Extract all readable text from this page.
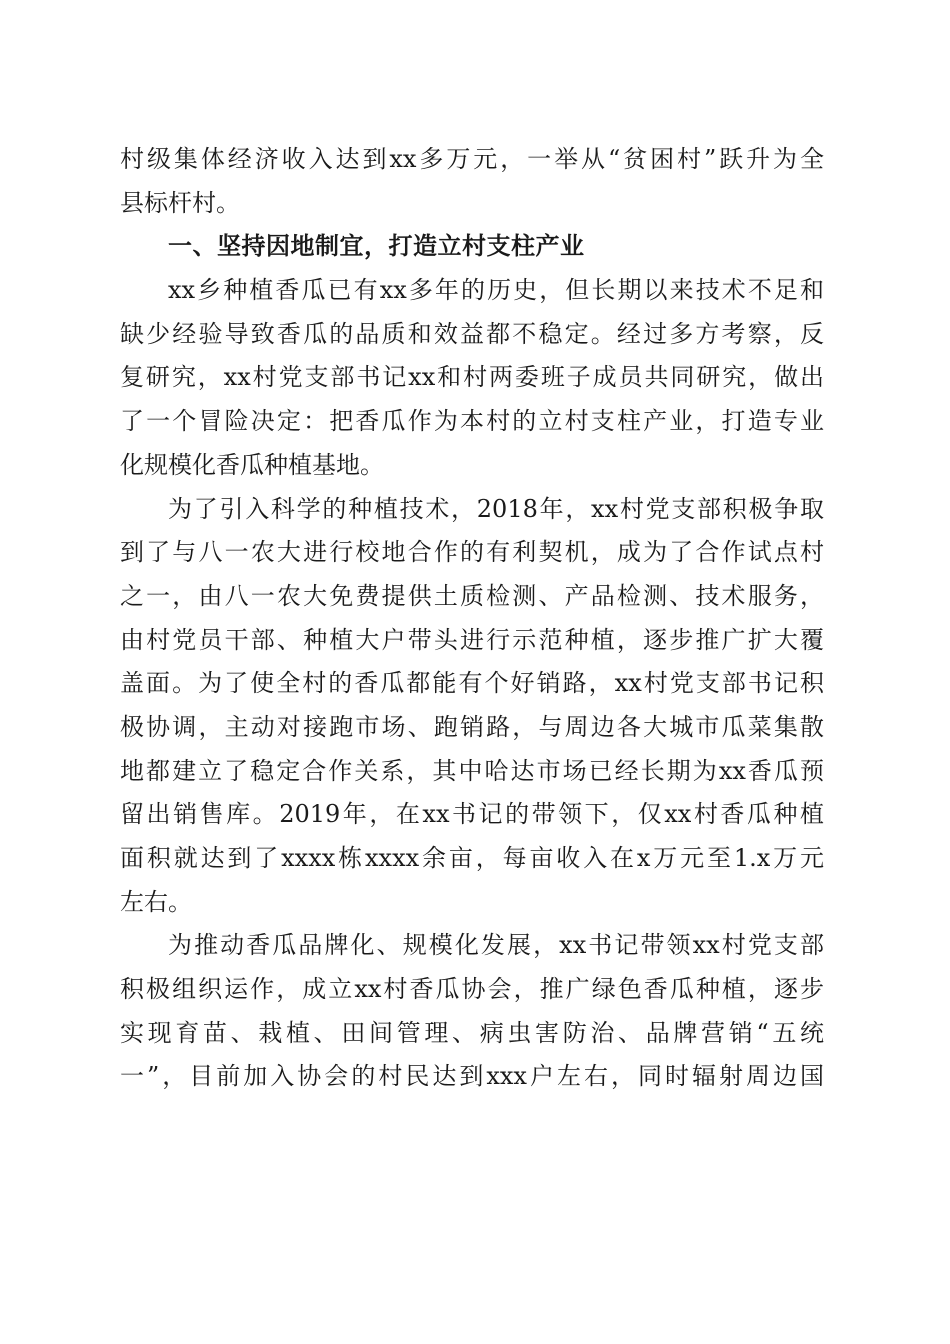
村级集体经济收入达到xx多万元，一举从“贫困村”跃升为全
县标杆村。
一、坚持因地制宜，打造立村支柱产业
xx乡种植香瓜已有xx多年的历史，但长期以来技术不足和
缺少经验导致香瓜的品质和效益都不稳定。经过多方考察，反
复研究，xx村党支部书记xx和村两委班子成员共同研究，做出
了一个冒险决定：把香瓜作为本村的立村支柱产业，打造专业
化规模化香瓜种植基地。
为了引入科学的种植技术，2018年，xx村党支部积极争取
到了与八一农大进行校地合作的有利契机，成为了合作试点村
之一，由八一农大免费提供土质检测、产品检测、技术服务，
由村党员干部、种植大户带头进行示范种植，逐步推广扩大覆
盖面。为了使全村的香瓜都能有个好销路，xx村党支部书记积
极协调，主动对接跑市场、跑销路，与周边各大城市瓜菜集散
地都建立了稳定合作关系，其中哈达市场已经长期为xx香瓜预
留出销售库。2019年，在xx书记的带领下，仅xx村香瓜种植
面积就达到了xxxx栋xxxx余亩，每亩收入在x万元至1.x万元
左右。
为推动香瓜品牌化、规模化发展，xx书记带领xx村党支部
积极组织运作，成立xx村香瓜协会，推广绿色香瓜种植，逐步
实现育苗、栽植、田间管理、病虫害防治、品牌营销“五统
一”，目前加入协会的村民达到xxx户左右，同时辐射周边国
